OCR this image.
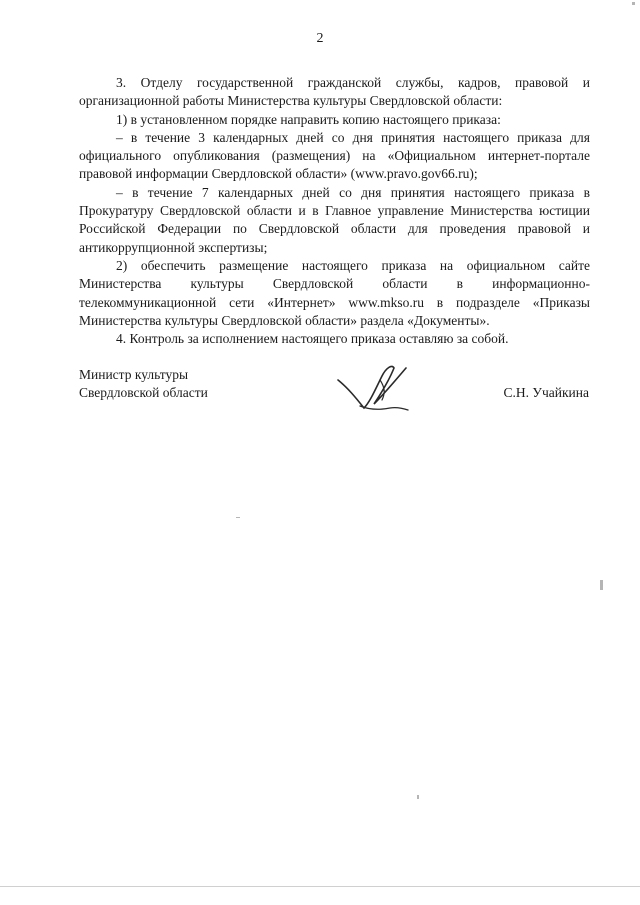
2

3. Отделу государственной гражданской службы, кадров, правовой и организационной работы Министерства культуры Свердловской области:

1) в установленном порядке направить копию настоящего приказа:

– в течение 3 календарных дней со дня принятия настоящего приказа для официального опубликования (размещения) на «Официальном интернет-портале правовой информации Свердловской области» (www.pravo.gov66.ru);

– в течение 7 календарных дней со дня принятия настоящего приказа в Прокуратуру Свердловской области и в Главное управление Министерства юстиции Российской Федерации по Свердловской области для проведения правовой и антикоррупционной экспертизы;

2) обеспечить размещение настоящего приказа на официальном сайте Министерства культуры Свердловской области в информационно-телекоммуникационной сети «Интернет» www.mkso.ru в подразделе «Приказы Министерства культуры Свердловской области» раздела «Документы».

4. Контроль за исполнением настоящего приказа оставляю за собой.

Министр культуры
Свердловской области	С.Н. Учайкина
